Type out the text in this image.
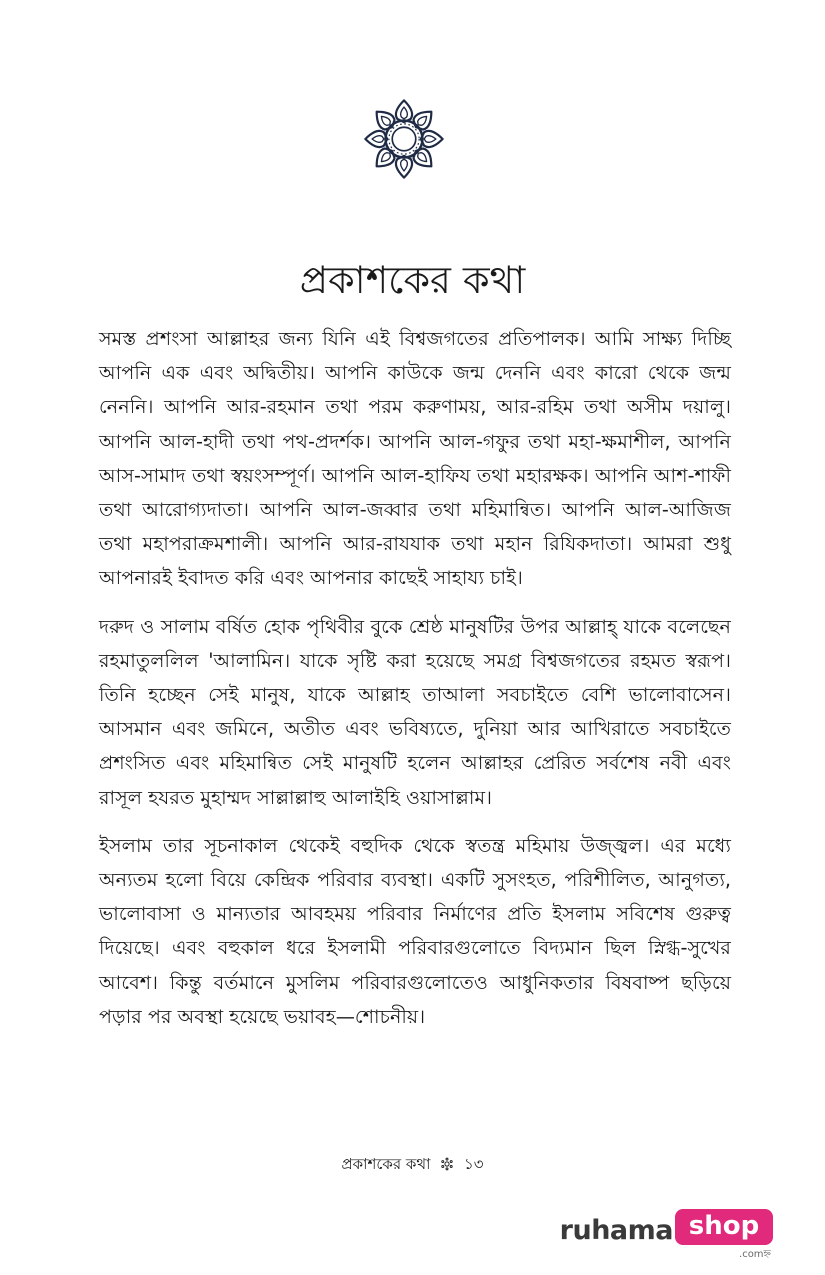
প্রকাশকের কথা

সমস্ত প্রশংসা আল্লাহর জন্য যিনি এই বিশ্বজগতের প্রতিপালক। আমি সাক্ষ্য দিচ্ছি আপনি এক এবং অদ্বিতীয়। আপনি কাউকে জন্ম দেননি এবং কারো থেকে জন্ম নেননি। আপনি আর-রহমান তথা পরম করুণাময়, আর-রহিম তথা অসীম দয়ালু। আপনি আল-হাদী তথা পথ-প্রদর্শক। আপনি আল-গফুর তথা মহা-ক্ষমাশীল, আপনি আস-সামাদ তথা স্বয়ংসম্পূর্ণ। আপনি আল-হাফিয তথা মহারক্ষক। আপনি আশ-শাফী তথা আরোগ্যদাতা। আপনি আল-জব্বার তথা মহিমান্বিত। আপনি আল-আজিজ তথা মহাপরাক্রমশালী। আপনি আর-রাযযাক তথা মহান রিযিকদাতা। আমরা শুধু আপনারই ইবাদত করি এবং আপনার কাছেই সাহায্য চাই।

দরুদ ও সালাম বর্ষিত হোক পৃথিবীর বুকে শ্রেষ্ঠ মানুষটির উপর আল্লাহ্ যাকে বলেছেন রহমাতুললিল 'আলামিন। যাকে সৃষ্টি করা হয়েছে সমগ্র বিশ্বজগতের রহমত স্বরূপ। তিনি হচ্ছেন সেই মানুষ, যাকে আল্লাহ তাআলা সবচাইতে বেশি ভালোবাসেন। আসমান এবং জমিনে, অতীত এবং ভবিষ্যতে, দুনিয়া আর আখিরাতে সবচাইতে প্রশংসিত এবং মহিমান্বিত সেই মানুষটি হলেন আল্লাহর প্রেরিত সর্বশেষ নবী এবং রাসূল হযরত মুহাম্মদ সাল্লাল্লাহু আলাইহি ওয়াসাল্লাম।

ইসলাম তার সূচনাকাল থেকেই বহুদিক থেকে স্বতন্ত্র মহিমায় উজ্জ্বল। এর মধ্যে অন্যতম হলো বিয়ে কেন্দ্রিক পরিবার ব্যবস্থা। একটি সুসংহত, পরিশীলিত, আনুগত্য, ভালোবাসা ও মান্যতার আবহময় পরিবার নির্মাণের প্রতি ইসলাম সবিশেষ গুরুত্ব দিয়েছে। এবং বহুকাল ধরে ইসলামী পরিবারগুলোতে বিদ্যমান ছিল স্নিগ্ধ-সুখের আবেশ। কিন্তু বর্তমানে মুসলিম পরিবারগুলোতেও আধুনিকতার বিষবাষ্প ছড়িয়ে পড়ার পর অবস্থা হয়েছে ভয়াবহ—শোচনীয়।

প্রকাশকের কথা ১৩
ruhama shop
.comহ্ন
